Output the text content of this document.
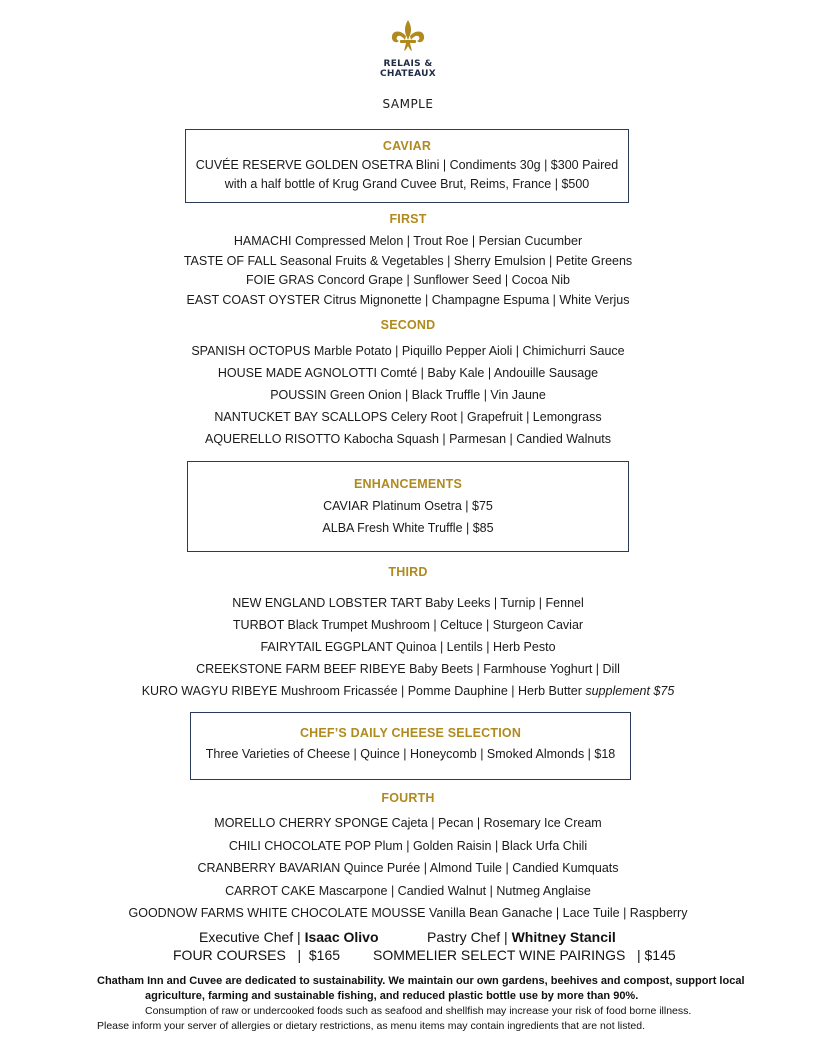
RELAIS &
CHATEAUX
SAMPLE
CAVIAR
CUVÉE RESERVE GOLDEN OSETRA Blini | Condiments 30g | $300 Paired
with a half bottle of Krug Grand Cuvee Brut, Reims, France | $500
FIRST
HAMACHI Compressed Melon | Trout Roe | Persian Cucumber
TASTE OF FALL Seasonal Fruits & Vegetables | Sherry Emulsion | Petite Greens
FOIE GRAS Concord Grape | Sunflower Seed | Cocoa Nib
EAST COAST OYSTER Citrus Mignonette | Champagne Espuma | White Verjus
SECOND
SPANISH OCTOPUS Marble Potato | Piquillo Pepper Aioli | Chimichurri Sauce
HOUSE MADE AGNOLOTTI Comté | Baby Kale | Andouille Sausage
POUSSIN Green Onion | Black Truffle | Vin Jaune
NANTUCKET BAY SCALLOPS Celery Root | Grapefruit | Lemongrass
AQUERELLO RISOTTO Kabocha Squash | Parmesan | Candied Walnuts
ENHANCEMENTS
CAVIAR Platinum Osetra | $75
ALBA Fresh White Truffle | $85
THIRD
NEW ENGLAND LOBSTER TART Baby Leeks | Turnip | Fennel
TURBOT Black Trumpet Mushroom | Celtuce | Sturgeon Caviar
FAIRYTAIL EGGPLANT Quinoa | Lentils | Herb Pesto
CREEKSTONE FARM BEEF RIBEYE Baby Beets | Farmhouse Yoghurt | Dill
KURO WAGYU RIBEYE Mushroom Fricassée | Pomme Dauphine | Herb Butter supplement $75
CHEF’S DAILY CHEESE SELECTION
Three Varieties of Cheese | Quince | Honeycomb | Smoked Almonds | $18
FOURTH
MORELLO CHERRY SPONGE Cajeta | Pecan | Rosemary Ice Cream
CHILI CHOCOLATE POP Plum | Golden Raisin | Black Urfa Chili
CRANBERRY BAVARIAN Quince Purée | Almond Tuile | Candied Kumquats
CARROT CAKE Mascarpone | Candied Walnut | Nutmeg Anglaise
GOODNOW FARMS WHITE CHOCOLATE MOUSSE Vanilla Bean Ganache | Lace Tuile | Raspberry
Executive Chef | Isaac Olivo	Pastry Chef | Whitney Stancil
FOUR COURSES   |  $165 SOMMELIER SELECT WINE PAIRINGS   | $145
Chatham Inn and Cuvee are dedicated to sustainability. We maintain our own gardens, beehives and compost, support local
agriculture, farming and sustainable fishing, and reduced plastic bottle use by more than 90%.
Consumption of raw or undercooked foods such as seafood and shellfish may increase your risk of food borne illness.
Please inform your server of allergies or dietary restrictions, as menu items may contain ingredients that are not listed.
